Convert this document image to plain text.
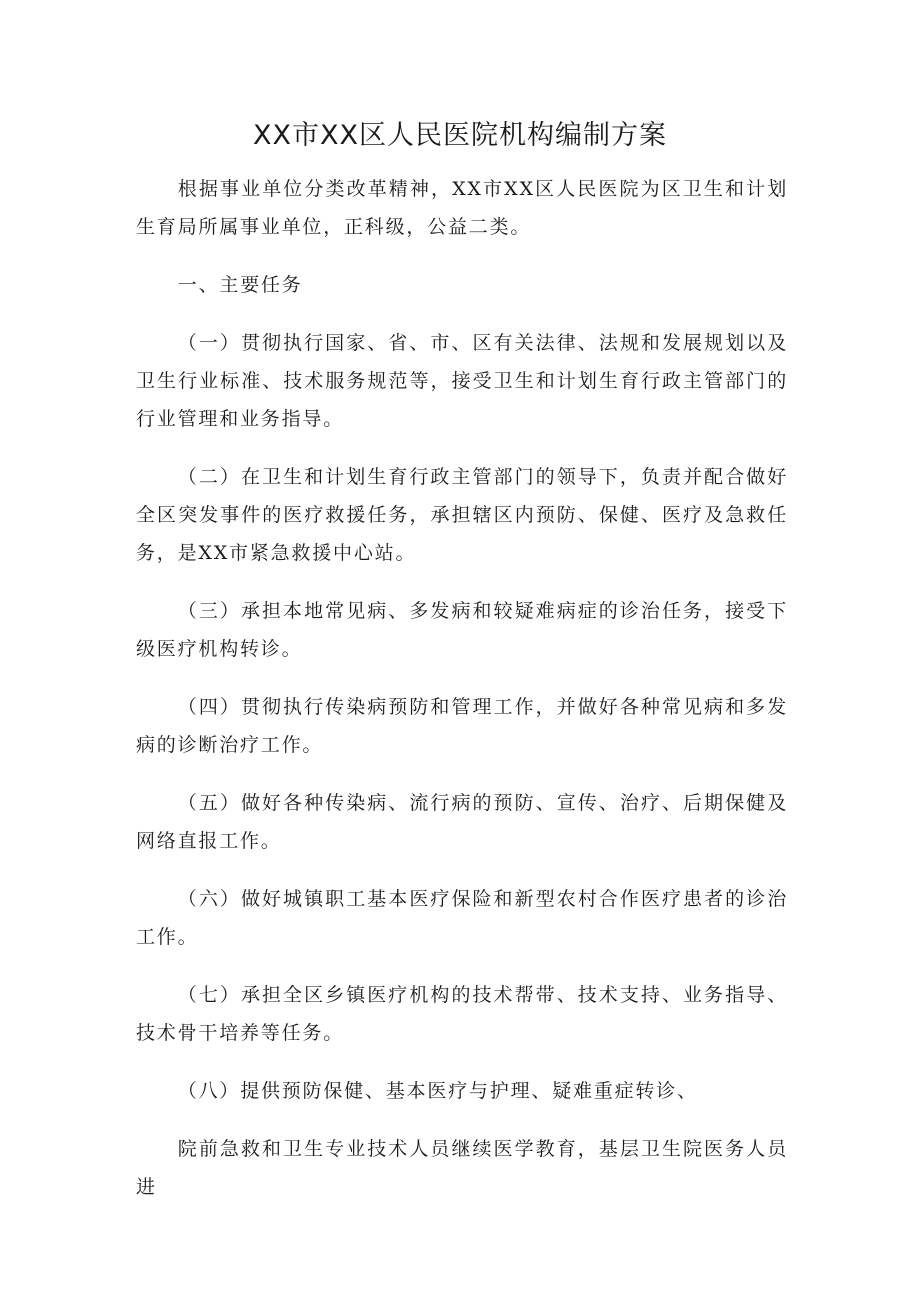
XX市XX区人民医院机构编制方案

根据事业单位分类改革精神，XX市XX区人民医院为区卫生和计划生育局所属事业单位，正科级，公益二类。

一、主要任务

（一）贯彻执行国家、省、市、区有关法律、法规和发展规划以及卫生行业标准、技术服务规范等，接受卫生和计划生育行政主管部门的行业管理和业务指导。

（二）在卫生和计划生育行政主管部门的领导下，负责并配合做好全区突发事件的医疗救援任务，承担辖区内预防、保健、医疗及急救任务，是XX市紧急救援中心站。

（三）承担本地常见病、多发病和较疑难病症的诊治任务，接受下级医疗机构转诊。

（四）贯彻执行传染病预防和管理工作，并做好各种常见病和多发病的诊断治疗工作。

（五）做好各种传染病、流行病的预防、宣传、治疗、后期保健及网络直报工作。

（六）做好城镇职工基本医疗保险和新型农村合作医疗患者的诊治工作。

（七）承担全区乡镇医疗机构的技术帮带、技术支持、业务指导、技术骨干培养等任务。

（八）提供预防保健、基本医疗与护理、疑难重症转诊、

院前急救和卫生专业技术人员继续医学教育，基层卫生院医务人员进
